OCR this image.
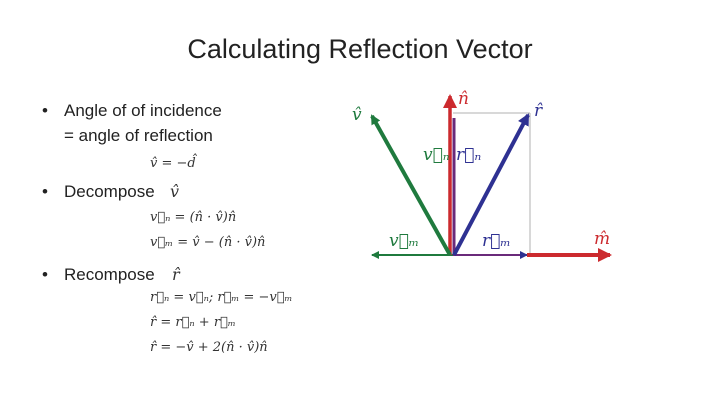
Calculating Reflection Vector
• Angle of of incidence
= angle of reflection
v̂ = −d̂
• Decompose v̂
v⃗ₙ = (n̂ · v̂)n̂
v⃗ₘ = v̂ − (n̂ · v̂)n̂
• Recompose r̂
r⃗ₙ = v⃗ₙ; r⃗ₘ = −v⃗ₘ
r̂ = r⃗ₙ + r⃗ₘ
r̂ = −v̂ + 2(n̂ · v̂)n̂
v̂
n̂
r̂
m̂
v⃗ₙ r⃗ₙ
v⃗ₘ	r⃗ₘ
